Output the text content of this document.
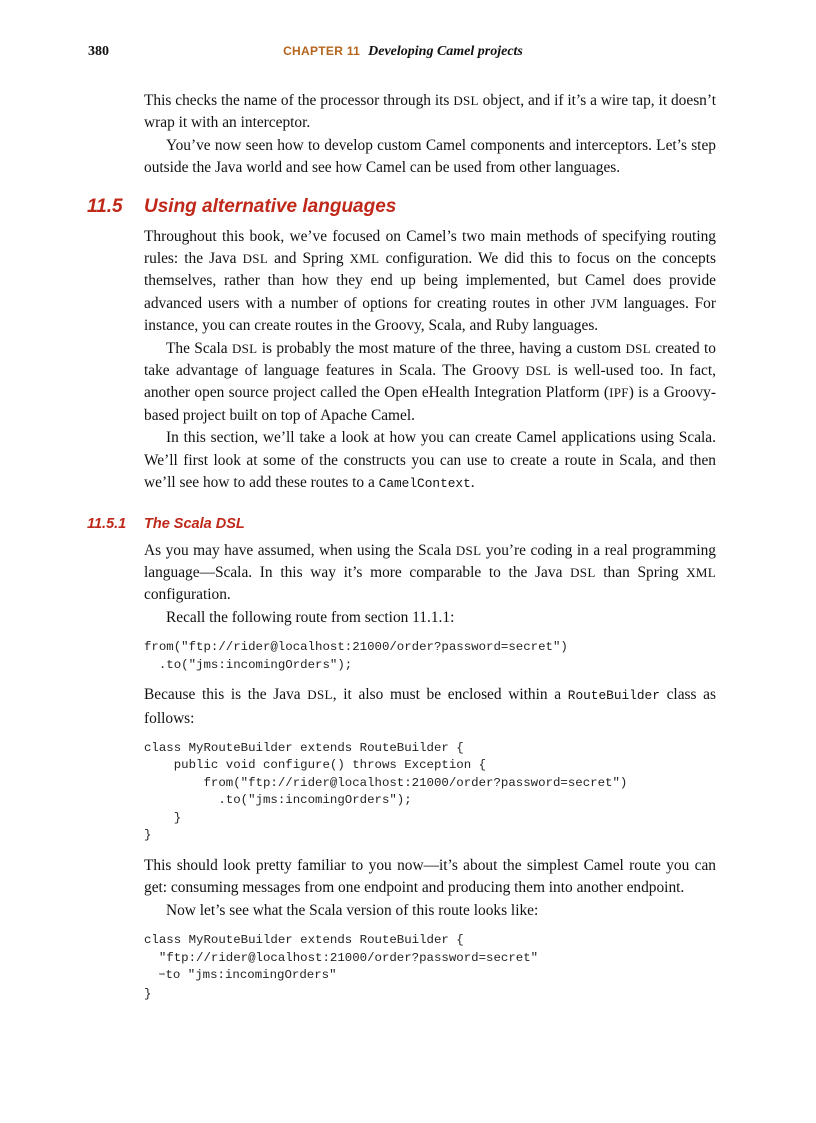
380	CHAPTER 11 Developing Camel projects

This checks the name of the processor through its DSL object, and if it’s a wire tap, it doesn’t wrap it with an interceptor.

You’ve now seen how to develop custom Camel components and interceptors. Let’s step outside the Java world and see how Camel can be used from other languages.

11.5 Using alternative languages

Throughout this book, we’ve focused on Camel’s two main methods of specifying routing rules: the Java DSL and Spring XML configuration. We did this to focus on the concepts themselves, rather than how they end up being implemented, but Camel does provide advanced users with a number of options for creating routes in other JVM languages. For instance, you can create routes in the Groovy, Scala, and Ruby languages.

The Scala DSL is probably the most mature of the three, having a custom DSL created to take advantage of language features in Scala. The Groovy DSL is well-used too. In fact, another open source project called the Open eHealth Integration Platform (IPF) is a Groovy-based project built on top of Apache Camel.

In this section, we’ll take a look at how you can create Camel applications using Scala. We’ll first look at some of the constructs you can use to create a route in Scala, and then we’ll see how to add these routes to a CamelContext.

11.5.1 The Scala DSL

As you may have assumed, when using the Scala DSL you’re coding in a real programming language—Scala. In this way it’s more comparable to the Java DSL than Spring XML configuration.

Recall the following route from section 11.1.1:

from("ftp://rider@localhost:21000/order?password=secret")
.to("jms:incomingOrders");

Because this is the Java DSL, it also must be enclosed within a RouteBuilder class as follows:

class MyRouteBuilder extends RouteBuilder {
public void configure() throws Exception {
from("ftp://rider@localhost:21000/order?password=secret")
.to("jms:incomingOrders");
}
}

This should look pretty familiar to you now—it’s about the simplest Camel route you can get: consuming messages from one endpoint and producing them into another endpoint.

Now let’s see what the Scala version of this route looks like:

class MyRouteBuilder extends RouteBuilder {
"ftp://rider@localhost:21000/order?password=secret"
➥to "jms:incomingOrders"
}
